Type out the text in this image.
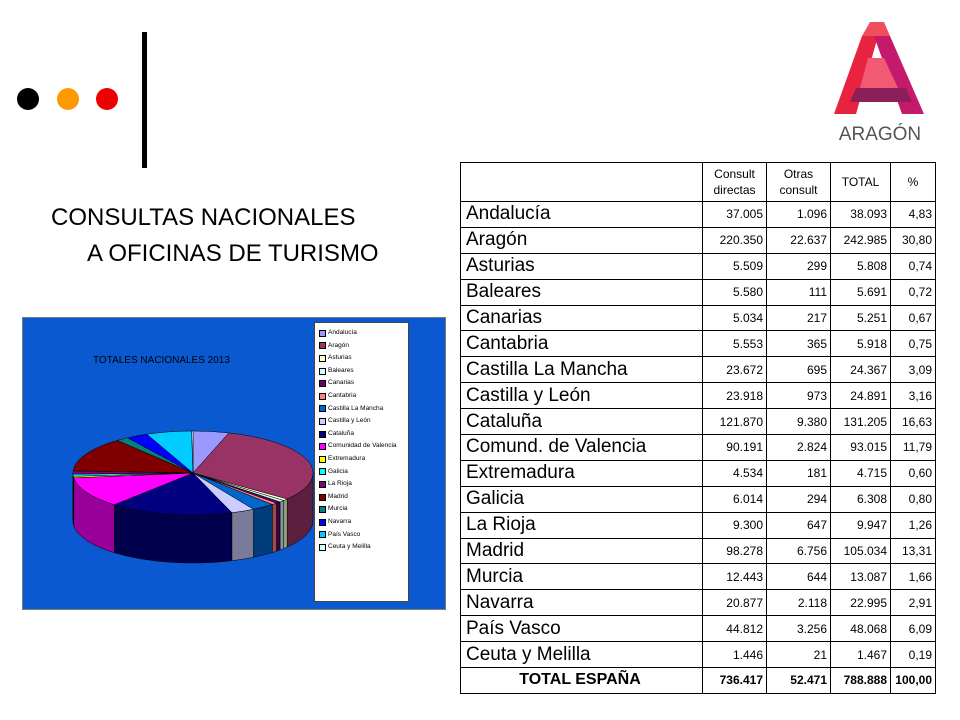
CONSULTAS NACIONALES
A OFICINAS DE TURISMO
ARAGÓN
TOTALES NACIONALES 2013
Andalucía
Aragón
Asturias
Baleares
Canarias
Cantabria
Castilla La Mancha
Castilla y León
Cataluña
Comunidad de Valencia
Extremadura
Galicia
La Rioja
Madrid
Murcia
Navarra
País Vasco
Ceuta y Melilla
	Consult directas	Otras consult	TOTAL	%
Andalucía	37.005	1.096	38.093	4,83
Aragón	220.350	22.637	242.985	30,80
Asturias	5.509	299	5.808	0,74
Baleares	5.580	111	5.691	0,72
Canarias	5.034	217	5.251	0,67
Cantabria	5.553	365	5.918	0,75
Castilla La Mancha	23.672	695	24.367	3,09
Castilla y León	23.918	973	24.891	3,16
Cataluña	121.870	9.380	131.205	16,63
Comund. de Valencia	90.191	2.824	93.015	11,79
Extremadura	4.534	181	4.715	0,60
Galicia	6.014	294	6.308	0,80
La Rioja	9.300	647	9.947	1,26
Madrid	98.278	6.756	105.034	13,31
Murcia	12.443	644	13.087	1,66
Navarra	20.877	2.118	22.995	2,91
País Vasco	44.812	3.256	48.068	6,09
Ceuta y Melilla	1.446	21	1.467	0,19
TOTAL ESPAÑA	736.417	52.471	788.888	100,00
